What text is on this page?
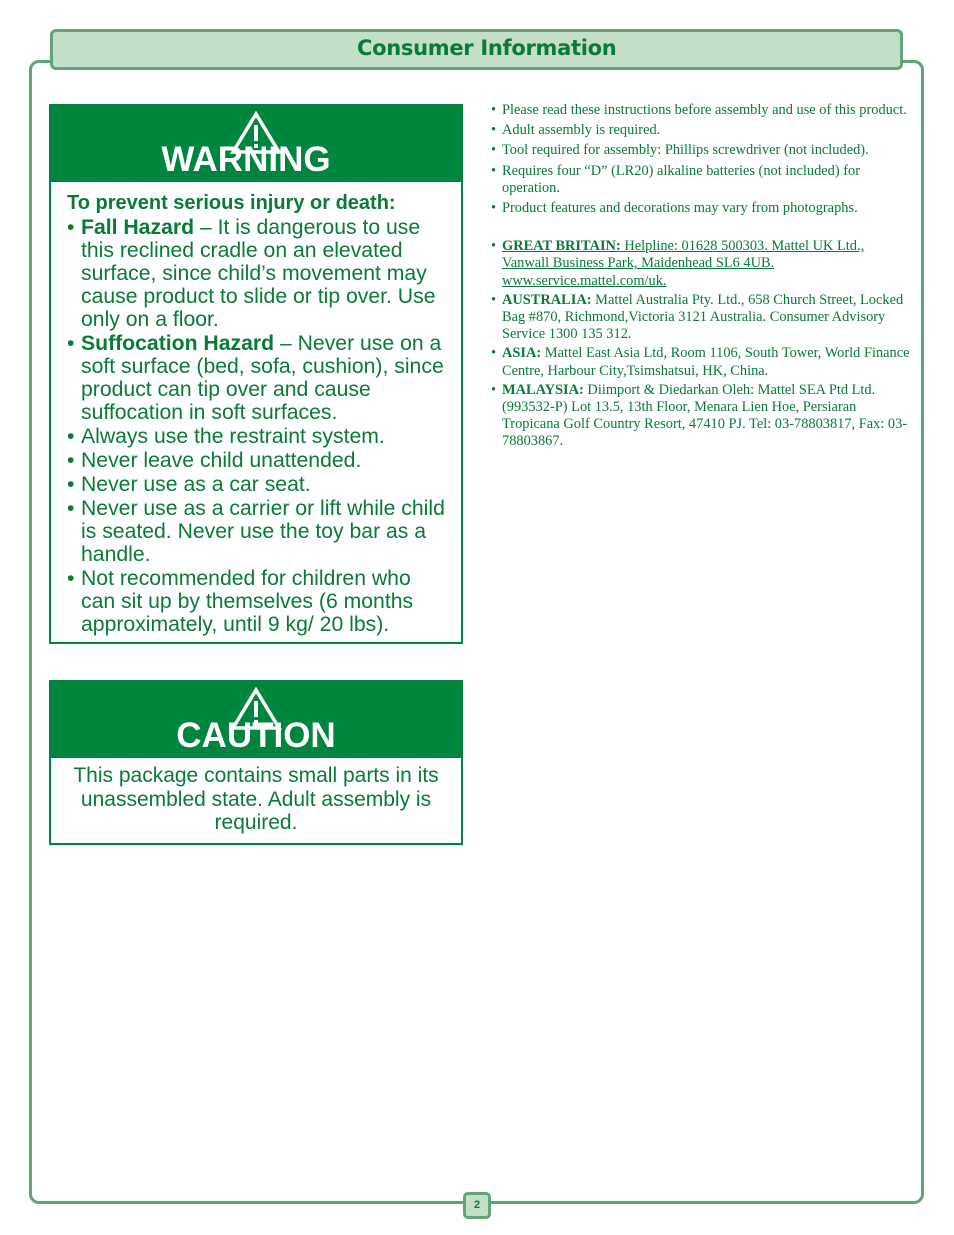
Consumer Information
WARNING
To prevent serious injury or death:
• Fall Hazard – It is dangerous to use this reclined cradle on an elevated surface, since child’s movement may cause product to slide or tip over. Use only on a floor.
• Suffocation Hazard – Never use on a soft surface (bed, sofa, cushion), since product can tip over and cause suffocation in soft surfaces.
• Always use the restraint system.
• Never leave child unattended.
• Never use as a car seat.
• Never use as a carrier or lift while child is seated. Never use the toy bar as a handle.
• Not recommended for children who can sit up by themselves (6 months approximately, until 9 kg/ 20 lbs).
CAUTION
This package contains small parts in its unassembled state. Adult assembly is required.
• Please read these instructions before assembly and use of this product.
• Adult assembly is required.
• Tool required for assembly: Phillips screwdriver (not included).
• Requires four “D” (LR20) alkaline batteries (not included) for operation.
• Product features and decorations may vary from photographs.
• GREAT BRITAIN: Helpline: 01628 500303. Mattel UK Ltd., Vanwall Business Park, Maidenhead SL6 4UB. www.service.mattel.com/uk.
• AUSTRALIA: Mattel Australia Pty. Ltd., 658 Church Street, Locked Bag #870, Richmond,Victoria 3121 Australia. Consumer Advisory Service 1300 135 312.
• ASIA: Mattel East Asia Ltd, Room 1106, South Tower, World Finance Centre, Harbour City,Tsimshatsui, HK, China.
• MALAYSIA: Diimport & Diedarkan Oleh: Mattel SEA Ptd Ltd. (993532-P) Lot 13.5, 13th Floor, Menara Lien Hoe, Persiaran Tropicana Golf Country Resort, 47410 PJ. Tel: 03-78803817, Fax: 03-78803867.
2
